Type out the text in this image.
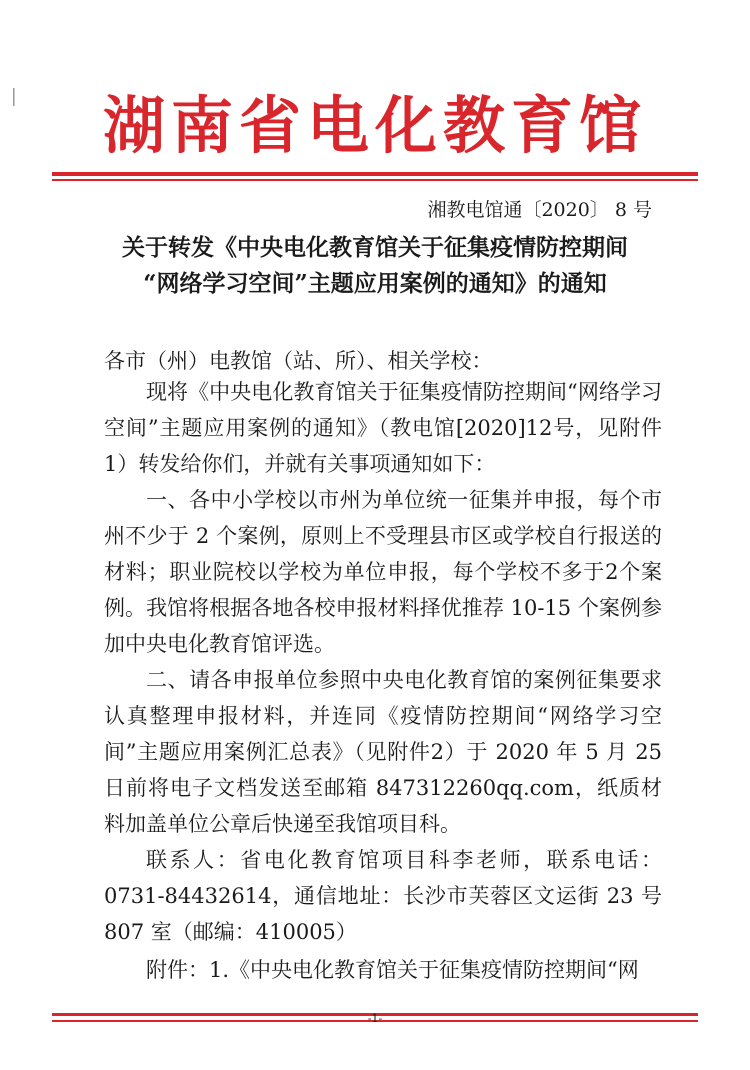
湖南省电化教育馆
湘教电馆通〔2020〕 8 号
关于转发《中央电化教育馆关于征集疫情防控期间
“网络学习空间”主题应用案例的通知》的通知
各市（州）电教馆（站、所）、相关学校：

现将《中央电化教育馆关于征集疫情防控期间“网络学习空间”主题应用案例的通知》（教电馆[2020]12号，见附件1）转发给你们，并就有关事项通知如下：

一、各中小学校以市州为单位统一征集并申报，每个市州不少于 2 个案例，原则上不受理县市区或学校自行报送的材料；职业院校以学校为单位申报，每个学校不多于2个案例。我馆将根据各地各校申报材料择优推荐 10-15 个案例参加中央电化教育馆评选。

二、请各申报单位参照中央电化教育馆的案例征集要求认真整理申报材料，并连同《疫情防控期间“网络学习空间”主题应用案例汇总表》（见附件2）于 2020 年 5 月 25 日前将电子文档发送至邮箱 847312260qq.com，纸质材料加盖单位公章后快递至我馆项目科。

联系人：省电化教育馆项目科李老师，联系电话：0731-84432614，通信地址：长沙市芙蓉区文运街 23 号 807 室（邮编：410005）

附件：1.《中央电化教育馆关于征集疫情防控期间“网

-1-
